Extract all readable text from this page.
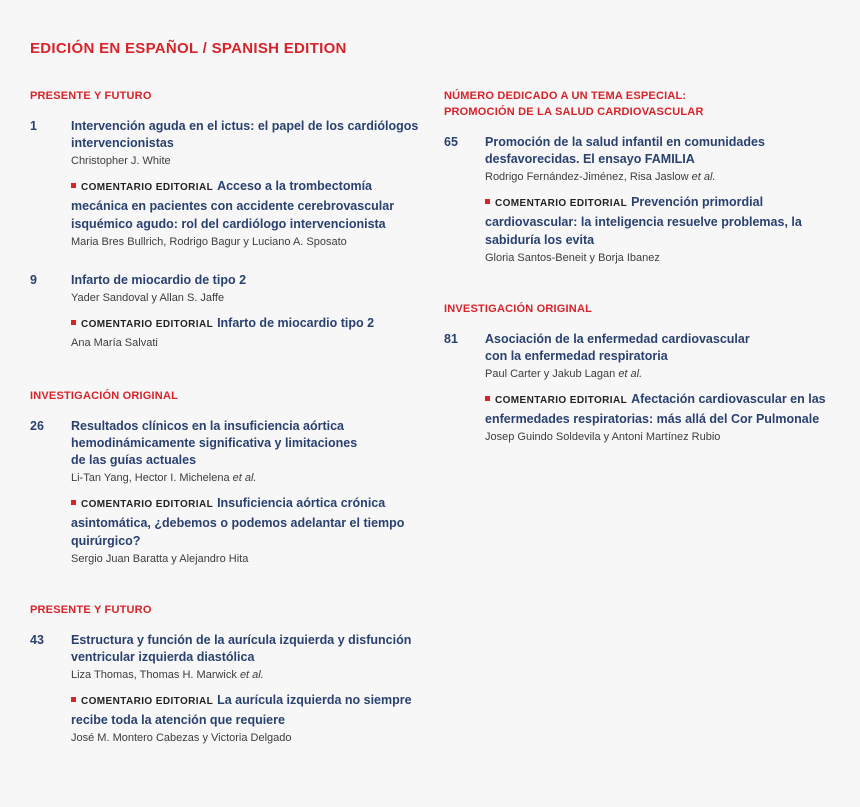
EDICIÓN EN ESPAÑOL / SPANISH EDITION
PRESENTE Y FUTURO
1	Intervención aguda en el ictus: el papel de los cardiólogos
intervencionistas
Christopher J. White

COMENTARIO EDITORIAL Acceso a la trombectomía mecánica en pacientes con accidente cerebrovascular isquémico agudo: rol del cardiólogo intervencionista

Maria Bres Bullrich, Rodrigo Bagur y Luciano A. Sposato
9	Infarto de miocardio de tipo 2
Yader Sandoval y Allan S. Jaffe

COMENTARIO EDITORIAL Infarto de miocardio tipo 2

Ana María Salvati
INVESTIGACIÓN ORIGINAL
26	Resultados clínicos en la insuficiencia aórtica
hemodinámicamente significativa y limitaciones
de las guías actuales
Li-Tan Yang, Hector I. Michelena et al.

COMENTARIO EDITORIAL Insuficiencia aórtica crónica asintomática, ¿debemos o podemos adelantar el tiempo quirúrgico?

Sergio Juan Baratta y Alejandro Hita
PRESENTE Y FUTURO
43	Estructura y función de la aurícula izquierda y disfunción
ventricular izquierda diastólica
Liza Thomas, Thomas H. Marwick et al.

COMENTARIO EDITORIAL La aurícula izquierda no siempre recibe toda la atención que requiere

José M. Montero Cabezas y Victoria Delgado
NÚMERO DEDICADO A UN TEMA ESPECIAL:
PROMOCIÓN DE LA SALUD CARDIOVASCULAR
65	Promoción de la salud infantil en comunidades
desfavorecidas. El ensayo FAMILIA
Rodrigo Fernández-Jiménez, Risa Jaslow et al.

COMENTARIO EDITORIAL Prevención primordial cardiovascular: la inteligencia resuelve problemas, la sabiduría los evita

Gloria Santos-Beneit y Borja Ibanez
INVESTIGACIÓN ORIGINAL
81	Asociación de la enfermedad cardiovascular
con la enfermedad respiratoria
Paul Carter y Jakub Lagan et al.

COMENTARIO EDITORIAL Afectación cardiovascular en las enfermedades respiratorias: más allá del Cor Pulmonale

Josep Guindo Soldevila y Antoni Martínez Rubio
